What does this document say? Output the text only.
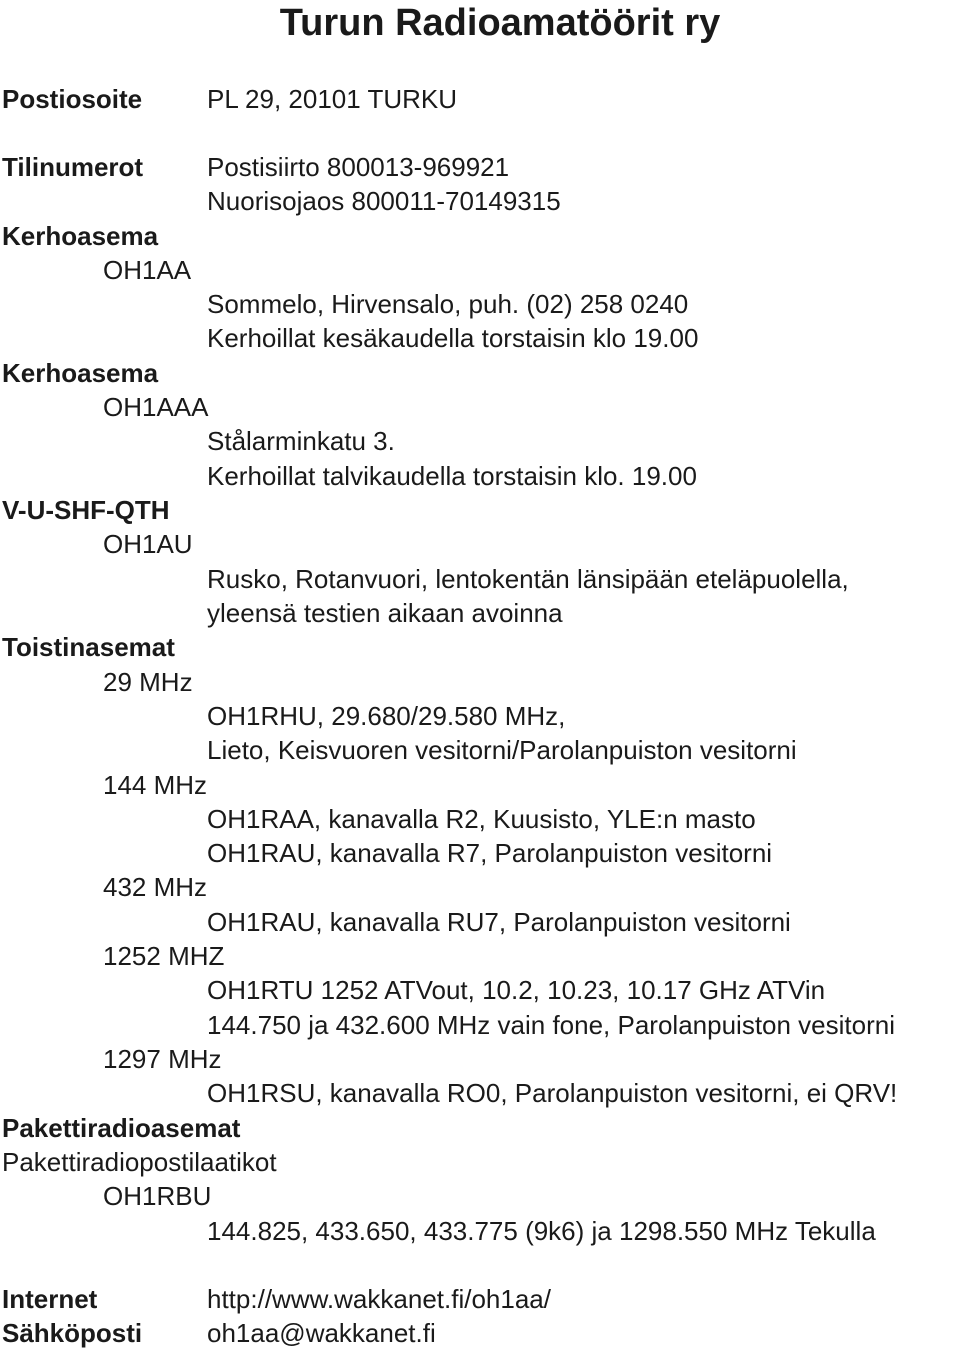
Turun Radioamatöörit ry
Postiosoite PL 29, 20101 TURKU
Tilinumerot Postisiirto 800013-969921
Nuorisojaos 800011-70149315
Kerhoasema
OH1AA
Sommelo, Hirvensalo, puh. (02) 258 0240
Kerhoillat kesäkaudella torstaisin klo 19.00
Kerhoasema
OH1AAA
Stålarminkatu 3.
Kerhoillat talvikaudella torstaisin klo. 19.00
V-U-SHF-QTH
OH1AU
Rusko, Rotanvuori, lentokentän länsipään eteläpuolella,
yleensä testien aikaan avoinna
Toistinasemat
29 MHz
OH1RHU, 29.680/29.580 MHz,
Lieto, Keisvuoren vesitorni/Parolanpuiston vesitorni
144 MHz
OH1RAA, kanavalla R2, Kuusisto, YLE:n masto
OH1RAU, kanavalla R7, Parolanpuiston vesitorni
432 MHz
OH1RAU, kanavalla RU7, Parolanpuiston vesitorni
1252 MHZ
OH1RTU 1252 ATVout, 10.2, 10.23, 10.17 GHz ATVin
144.750 ja 432.600 MHz vain fone, Parolanpuiston vesitorni
1297 MHz
OH1RSU, kanavalla RO0, Parolanpuiston vesitorni, ei QRV!
Pakettiradioasemat
Pakettiradiopostilaatikot
OH1RBU
144.825, 433.650, 433.775 (9k6) ja 1298.550 MHz Tekulla
Internet	http://www.wakkanet.fi/oh1aa/
Sähköposti oh1aa@wakkanet.fi
